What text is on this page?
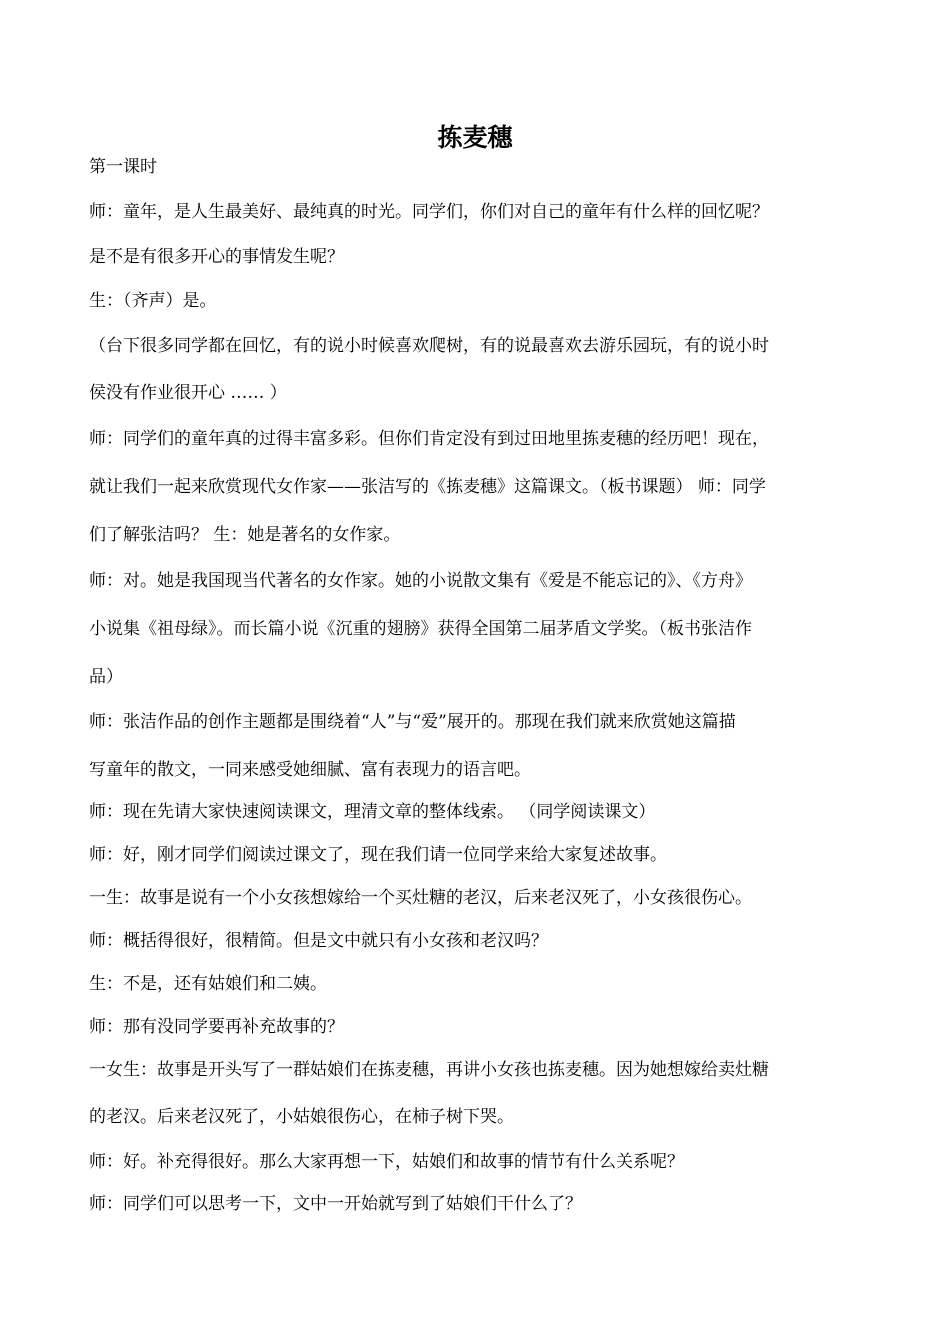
拣麦穗

第一课时

师：童年，是人生最美好、最纯真的时光。同学们，你们对自己的童年有什么样的回忆呢？

是不是有很多开心的事情发生呢？

生：（齐声）是。

（台下很多同学都在回忆，有的说小时候喜欢爬树，有的说最喜欢去游乐园玩，有的说小时

侯没有作业很开心 …… ）

师：同学们的童年真的过得丰富多彩。但你们肯定没有到过田地里拣麦穗的经历吧！现在，

就让我们一起来欣赏现代女作家——张洁写的《拣麦穗》这篇课文。（板书课题） 师：同学

们了解张洁吗？ 生：她是著名的女作家。

师：对。她是我国现当代著名的女作家。她的小说散文集有《爱是不能忘记的》、《方舟》

小说集《祖母绿》。而长篇小说《沉重的翅膀》获得全国第二届茅盾文学奖。（板书张洁作

品）

师：张洁作品的创作主题都是围绕着“人”与“爱”展开的。那现在我们就来欣赏她这篇描

写童年的散文，一同来感受她细腻、富有表现力的语言吧。

师：现在先请大家快速阅读课文，理清文章的整体线索。 （同学阅读课文）

师：好，刚才同学们阅读过课文了，现在我们请一位同学来给大家复述故事。

一生：故事是说有一个小女孩想嫁给一个买灶糖的老汉，后来老汉死了，小女孩很伤心。

师：概括得很好，很精简。但是文中就只有小女孩和老汉吗？

生：不是，还有姑娘们和二姨。

师：那有没同学要再补充故事的？

一女生：故事是开头写了一群姑娘们在拣麦穗，再讲小女孩也拣麦穗。因为她想嫁给卖灶糖

的老汉。后来老汉死了，小姑娘很伤心，在柿子树下哭。

师：好。补充得很好。那么大家再想一下，姑娘们和故事的情节有什么关系呢？

师：同学们可以思考一下，文中一开始就写到了姑娘们干什么了？
